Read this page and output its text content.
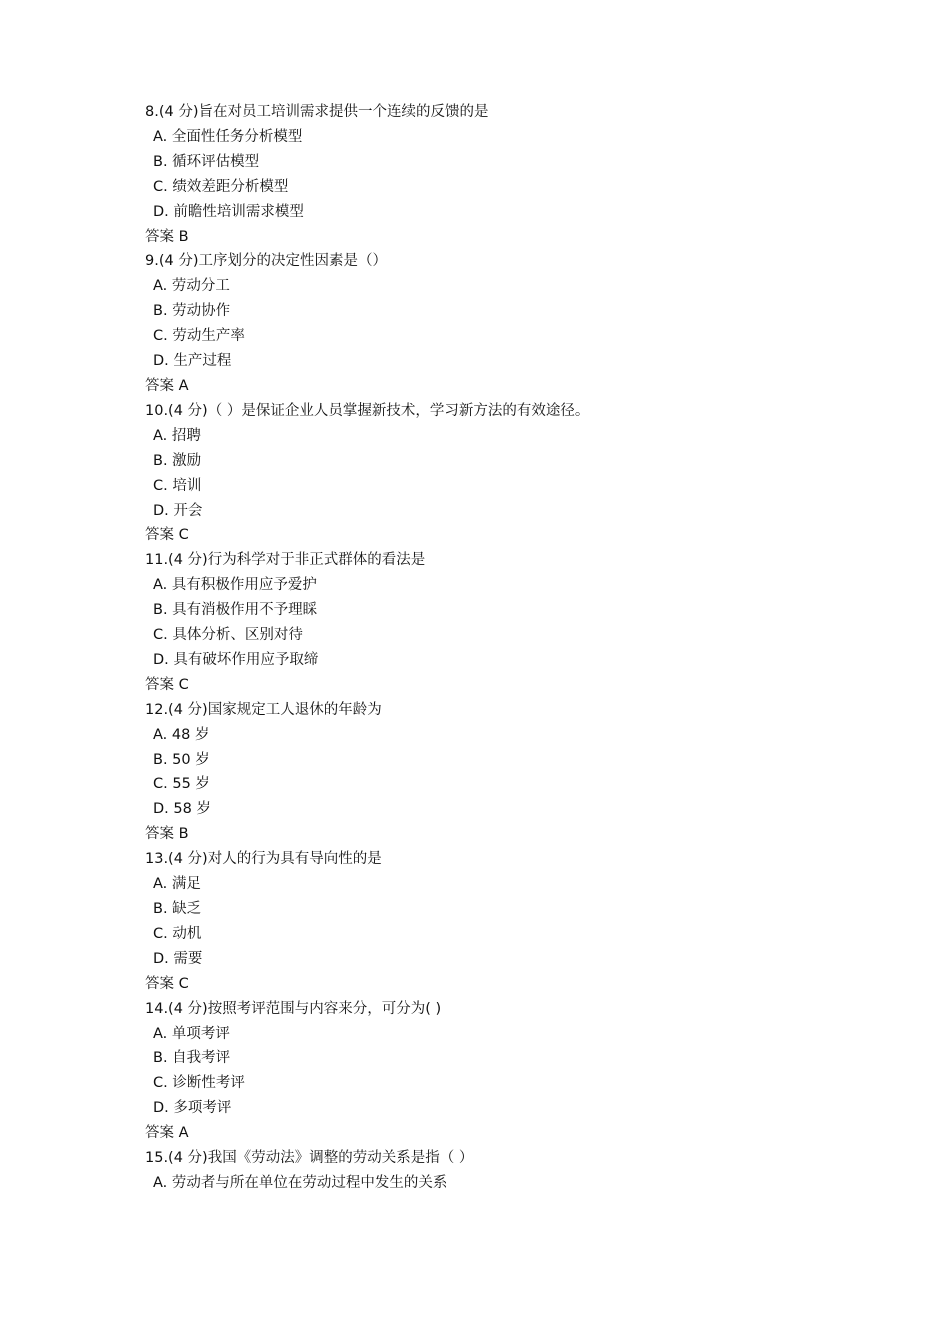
8.(4 分)旨在对员工培训需求提供一个连续的反馈的是
A. 全面性任务分析模型
B. 循环评估模型
C. 绩效差距分析模型
D. 前瞻性培训需求模型
答案 B
9.(4 分)工序划分的决定性因素是（）
A. 劳动分工
B. 劳动协作
C. 劳动生产率
D. 生产过程
答案 A
10.(4 分)（ ）是保证企业人员掌握新技术，学习新方法的有效途径。
A. 招聘
B. 激励
C. 培训
D. 开会
答案 C
11.(4 分)行为科学对于非正式群体的看法是
A. 具有积极作用应予爱护
B. 具有消极作用不予理睬
C. 具体分析、区别对待
D. 具有破坏作用应予取缔
答案 C
12.(4 分)国家规定工人退休的年龄为
A. 48 岁
B. 50 岁
C. 55 岁
D. 58 岁
答案 B
13.(4 分)对人的行为具有导向性的是
A. 满足
B. 缺乏
C. 动机
D. 需要
答案 C
14.(4 分)按照考评范围与内容来分，可分为( )
A. 单项考评
B. 自我考评
C. 诊断性考评
D. 多项考评
答案 A
15.(4 分)我国《劳动法》调整的劳动关系是指（ ）
A. 劳动者与所在单位在劳动过程中发生的关系
